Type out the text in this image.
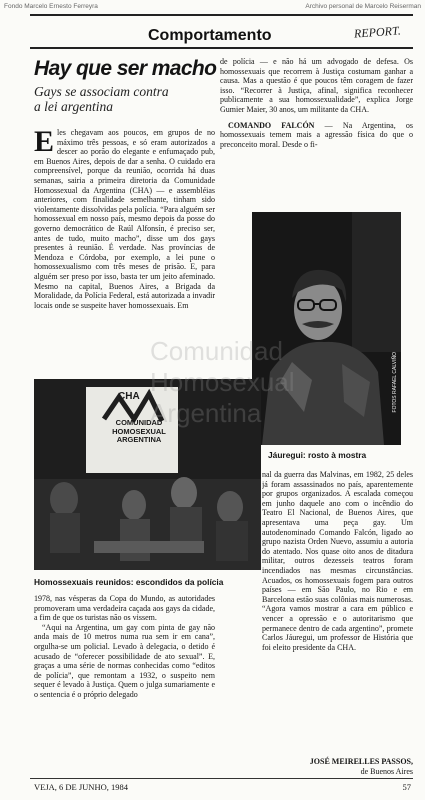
Fondo Marcelo Ernesto Ferreyra	Archivo personal de Marcelo Reiserman
Comportamento	REPORT.
Hay que ser macho
Gays se associam contra
a lei argentina

Eles chegavam aos poucos, em grupos de no máximo três pessoas, e só eram autorizados a descer ao porão do elegante e enfumaçado pub, em Buenos Aires, depois de dar a senha. O cuidado era compreensível, porque da reunião, ocorrida há duas semanas, sairia a primeira diretoria da Comunidade Homossexual da Argentina (CHA) — e assembléias anteriores, com finalidade semelhante, tinham sido violentamente dissolvidas pela polícia. “Para alguém ser homossexual em nosso país, mesmo depois da posse do governo democrático de Raúl Alfonsín, é preciso ser, antes de tudo, muito macho”, disse um dos gays presentes à reunião. É verdade. Nas províncias de Mendoza e Córdoba, por exemplo, a lei pune o homossexualismo com três meses de prisão. E, para alguém ser preso por isso, basta ter um jeito afeminado. Mesmo na capital, Buenos Aires, a Brigada da Moralidade, da Polícia Federal, está autorizada a invadir locais onde se suspeite haver homossexuais. Em

de polícia — e não há um advogado de defesa. Os homossexuais que recorrem à Justiça costumam ganhar a causa. Mas a questão é que poucos têm coragem de fazer isso. “Recorrer à Justiça, afinal, significa reconhecer publicamente a sua homossexualidade”, explica Jorge Gumier Maier, 30 anos, um militante da CHA.

COMANDO FALCÓN — Na Argentina, os homossexuais temem mais a agressão física do que o preconceito moral. Desde o fi-

FOTOS RAFAEL CALVIÑO
Jáuregui: rosto à mostra
COMUNIDAD
HOMOSEXUAL
ARGENTINA
CHA
Homossexuais reunidos: escondidos da polícia

nal da guerra das Malvinas, em 1982, 25 deles já foram assassinados no país, aparentemente por grupos organizados. A escalada começou em junho daquele ano com o incêndio do Teatro El Nacional, de Buenos Aires, que apresentava uma peça gay. Um autodenominado Comando Falcón, ligado ao grupo nazista Orden Nuevo, assumiu a autoria do atentado. Nos quase oito anos de ditadura militar, outros dezesseis teatros foram incendiados nas mesmas circunstâncias. Acuados, os homossexuais fogem para outros países — em São Paulo, no Rio e em Barcelona estão suas colônias mais numerosas. “Agora vamos mostrar a cara em público e vencer a opressão e o autoritarismo que permanece dentro de cada argentino”, promete Carlos Jáuregui, um professor de História que foi eleito presidente da CHA.

JOSÉ MEIRELLES PASSOS,
de Buenos Aires

1978, nas vésperas da Copa do Mundo, as autoridades promoveram uma verdadeira caçada aos gays da cidade, a fim de que os turistas não os vissem.

“Aqui na Argentina, um gay com pinta de gay não anda mais de 10 metros numa rua sem ir em cana”, orgulha-se um policial. Levado à delegacia, o detido é acusado de “oferecer possibilidade de ato sexual”. E, graças a uma série de normas conhecidas como “editos de polícia”, que remontam a 1932, o suspeito nem sequer é levado à Justiça. Quem o julga sumariamente e o sentencia é o próprio delegado

Comunidad
Homosexual
Argentina
VEJA, 6 DE JUNHO, 1984	57
